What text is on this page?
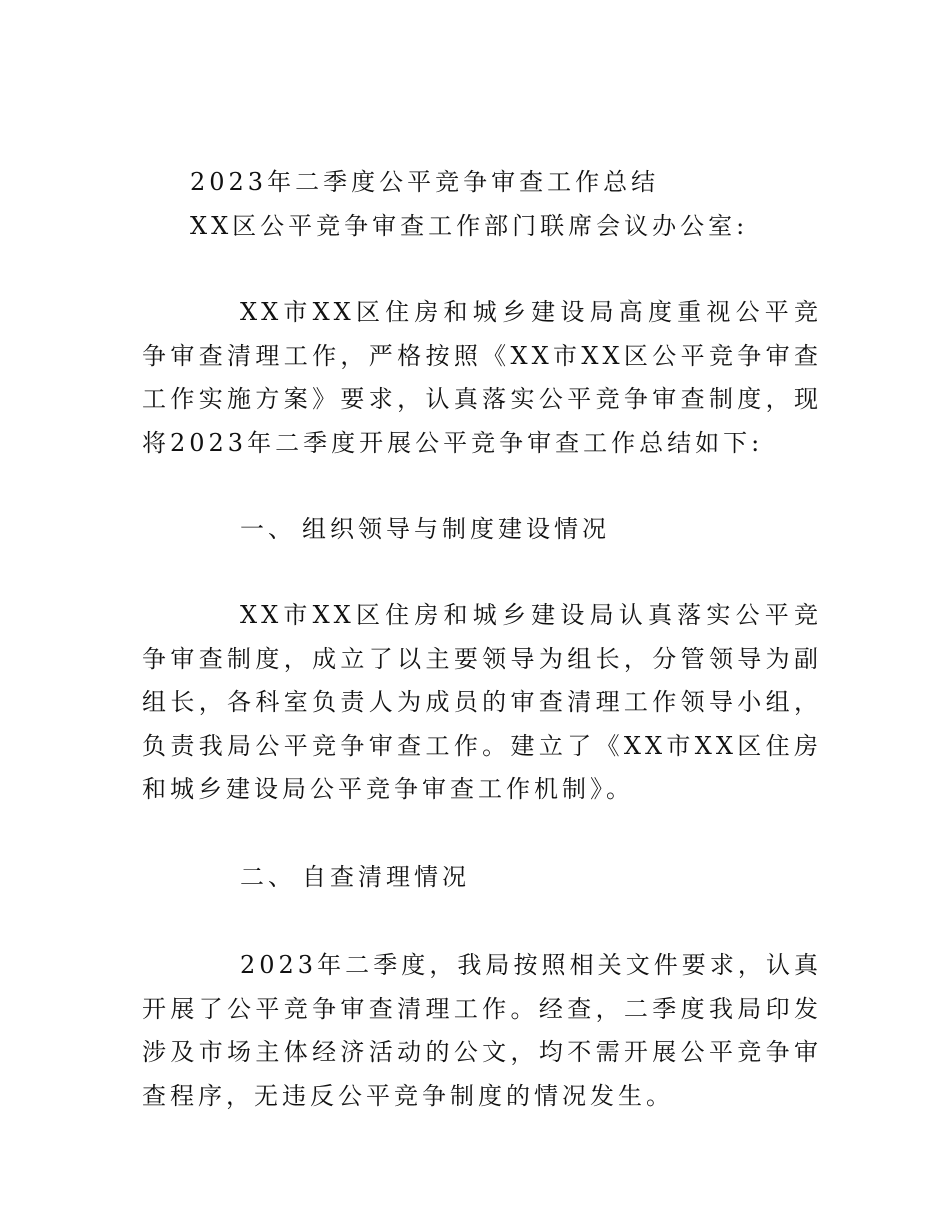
2023年二季度公平竞争审查工作总结
XX区公平竞争审查工作部门联席会议办公室:
XX市XX区住房和城乡建设局高度重视公平竞争审查清理工作，严格按照《XX市XX区公平竞争审查工作实施方案》要求，认真落实公平竞争审查制度，现将2023年二季度开展公平竞争审查工作总结如下:
一、 组织领导与制度建设情况
XX市XX区住房和城乡建设局认真落实公平竞争审查制度，成立了以主要领导为组长，分管领导为副组长，各科室负责人为成员的审查清理工作领导小组，负责我局公平竞争审查工作。建立了《XX市XX区住房和城乡建设局公平竞争审查工作机制》。
二、 自查清理情况
2023年二季度，我局按照相关文件要求，认真开展了公平竞争审查清理工作。经查，二季度我局印发涉及市场主体经济活动的公文，均不需开展公平竞争审查程序，无违反公平竞争制度的情况发生。
